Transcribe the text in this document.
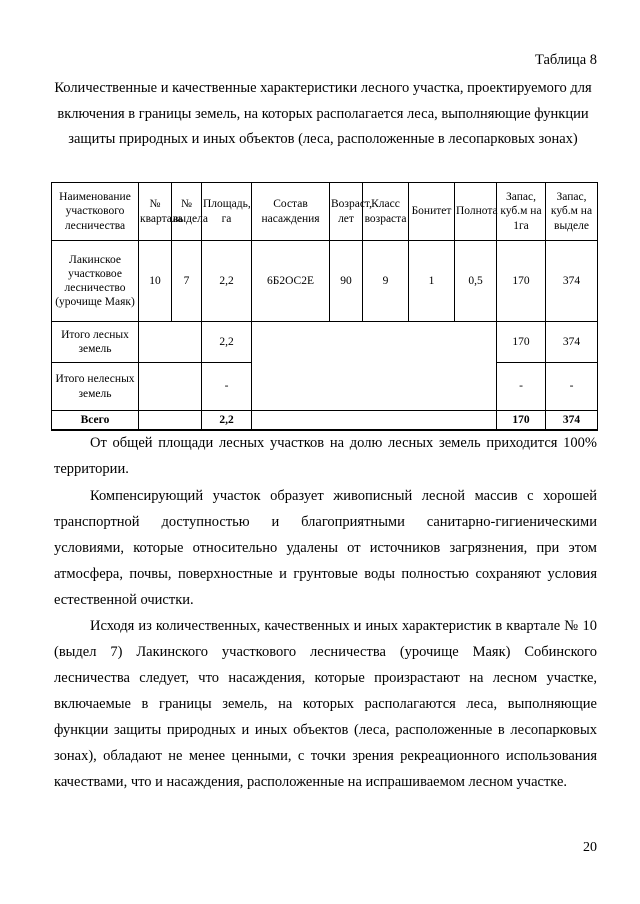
Таблица 8
Количественные и качественные характеристики лесного участка, проектируемого для включения в границы земель, на которых располагается леса, выполняющие функции защиты природных и иных объектов (леса, расположенные в лесопарковых зонах)
Наименование участкового лесничества	№ квартала	№ выдела	Площадь, га	Состав насаждения	Возраст, лет	Класс возраста	Бонитет	Полнота	Запас, куб.м на 1га	Запас, куб.м на выделе
Лакинское участковое лесничество (урочище Маяк)	10	7	2,2	6Б2ОС2Е	90	9	1	0,5	170	374
Итого лесных земель			2,2						170	374
Итого нелесных земель			-						-	-
Всего			2,2						170	374

От общей площади лесных участков на долю лесных земель приходится 100% территории.

Компенсирующий участок образует живописный лесной массив с хорошей транспортной доступностью и благоприятными санитарно-гигиеническими условиями, которые относительно удалены от источников загрязнения, при этом атмосфера, почвы, поверхностные и грунтовые воды полностью сохраняют условия естественной очистки.

Исходя из количественных, качественных и иных характеристик в квартале № 10 (выдел 7) Лакинского участкового лесничества (урочище Маяк) Собинского лесничества следует, что насаждения, которые произрастают на лесном участке, включаемые в границы земель, на которых располагаются леса, выполняющие функции защиты природных и иных объектов (леса, расположенные в лесопарковых зонах), обладают не менее ценными, с точки зрения рекреационного использования качествами, что и насаждения, расположенные на испрашиваемом лесном участке.

20
